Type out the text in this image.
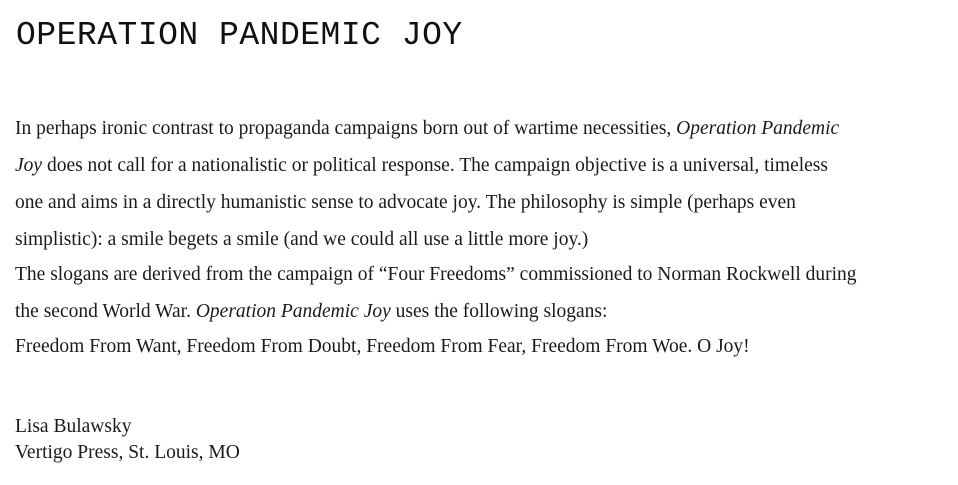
OPERATION PANDEMIC JOY
In perhaps ironic contrast to propaganda campaigns born out of wartime necessities, Operation Pandemic
Joy does not call for a nationalistic or political response. The campaign objective is a universal, timeless
one and aims in a directly humanistic sense to advocate joy. The philosophy is simple (perhaps even
simplistic): a smile begets a smile (and we could all use a little more joy.)
The slogans are derived from the campaign of “Four Freedoms” commissioned to Norman Rockwell during
the second World War. Operation Pandemic Joy uses the following slogans:
Freedom From Want, Freedom From Doubt, Freedom From Fear, Freedom From Woe. O Joy!
Lisa Bulawsky
Vertigo Press, St. Louis, MO
